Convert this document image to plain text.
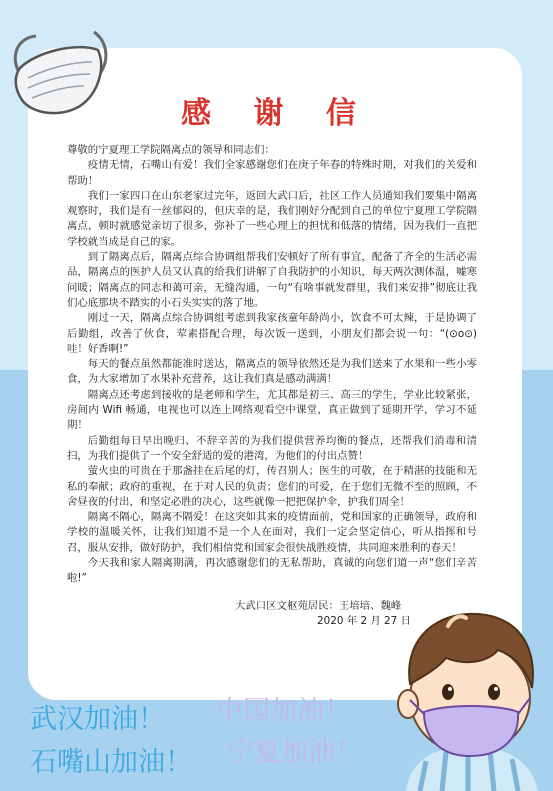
感 谢 信

尊敬的宁夏理工学院隔离点的领导和同志们：

疫情无情，石嘴山有爱！我们全家感谢您们在庚子年春的特殊时期，对我们的关爱和帮助！

我们一家四口在山东老家过完年，返回大武口后，社区工作人员通知我们要集中隔离观察时，我们是有一丝郁闷的，但庆幸的是，我们刚好分配到自己的单位宁夏理工学院隔离点，顿时就感觉亲切了很多，弥补了一些心理上的担忧和低落的情绪，因为我们一直把学校就当成是自己的家。

到了隔离点后，隔离点综合协调组帮我们安顿好了所有事宜，配备了齐全的生活必需品，隔离点的医护人员又认真的给我们讲解了自我防护的小知识，每天两次测体温，嘘寒问暖；隔离点的同志和蔼可亲，无缝沟通，一句“有啥事就发群里，我们来安排”彻底让我们心底那块不踏实的小石头实实的落了地。

刚过一天，隔离点综合协调组考虑到我家孩童年龄尚小，饮食不可太辣，于是协调了后勤组，改善了伙食，荤素搭配合理，每次饭一送到，小朋友们都会说一句：“(⊙o⊙)哇！好香啊!”

每天的餐点虽然都能准时送达，隔离点的领导依然还是为我们送来了水果和一些小零食，为大家增加了水果补充营养，这让我们真是感动满满！

隔离点还考虑到接收的是老师和学生，尤其都是初三、高三的学生，学业比较紧张，房间内 Wifi 畅通，电视也可以连上网络观看空中课堂，真正做到了延期开学，学习不延期！

后勤组每日早出晚归、不辞辛苦的为我们提供营养均衡的餐点，还帮我们消毒和清扫，为我们提供了一个安全舒适的爱的港湾，为他们的付出点赞！

萤火虫的可贵在于那盏挂在后尾的灯，传召别人；医生的可敬，在于精湛的技能和无私的奉献；政府的重视，在于对人民的负责；您们的可爱，在于您们无微不至的照顾，不舍昼夜的付出，和坚定必胜的决心，这些就像一把把保护伞，护我们周全！

隔离不隔心，隔离不隔爱！在这突如其来的疫情面前，党和国家的正确领导，政府和学校的温暖关怀，让我们知道不是一个人在面对，我们一定会坚定信心，听从指挥和号召，服从安排，做好防护，我们相信党和国家会很快战胜疫情，共同迎来胜利的春天！

今天我和家人隔离期满，再次感谢您们的无私帮助，真诚的向您们道一声“您们辛苦啦!”

大武口区文枢苑居民：王培培、魏峰
2020 年 2 月 27 日
武汉加油！ 中国加油！
石嘴山加油！ 宁夏加油！
